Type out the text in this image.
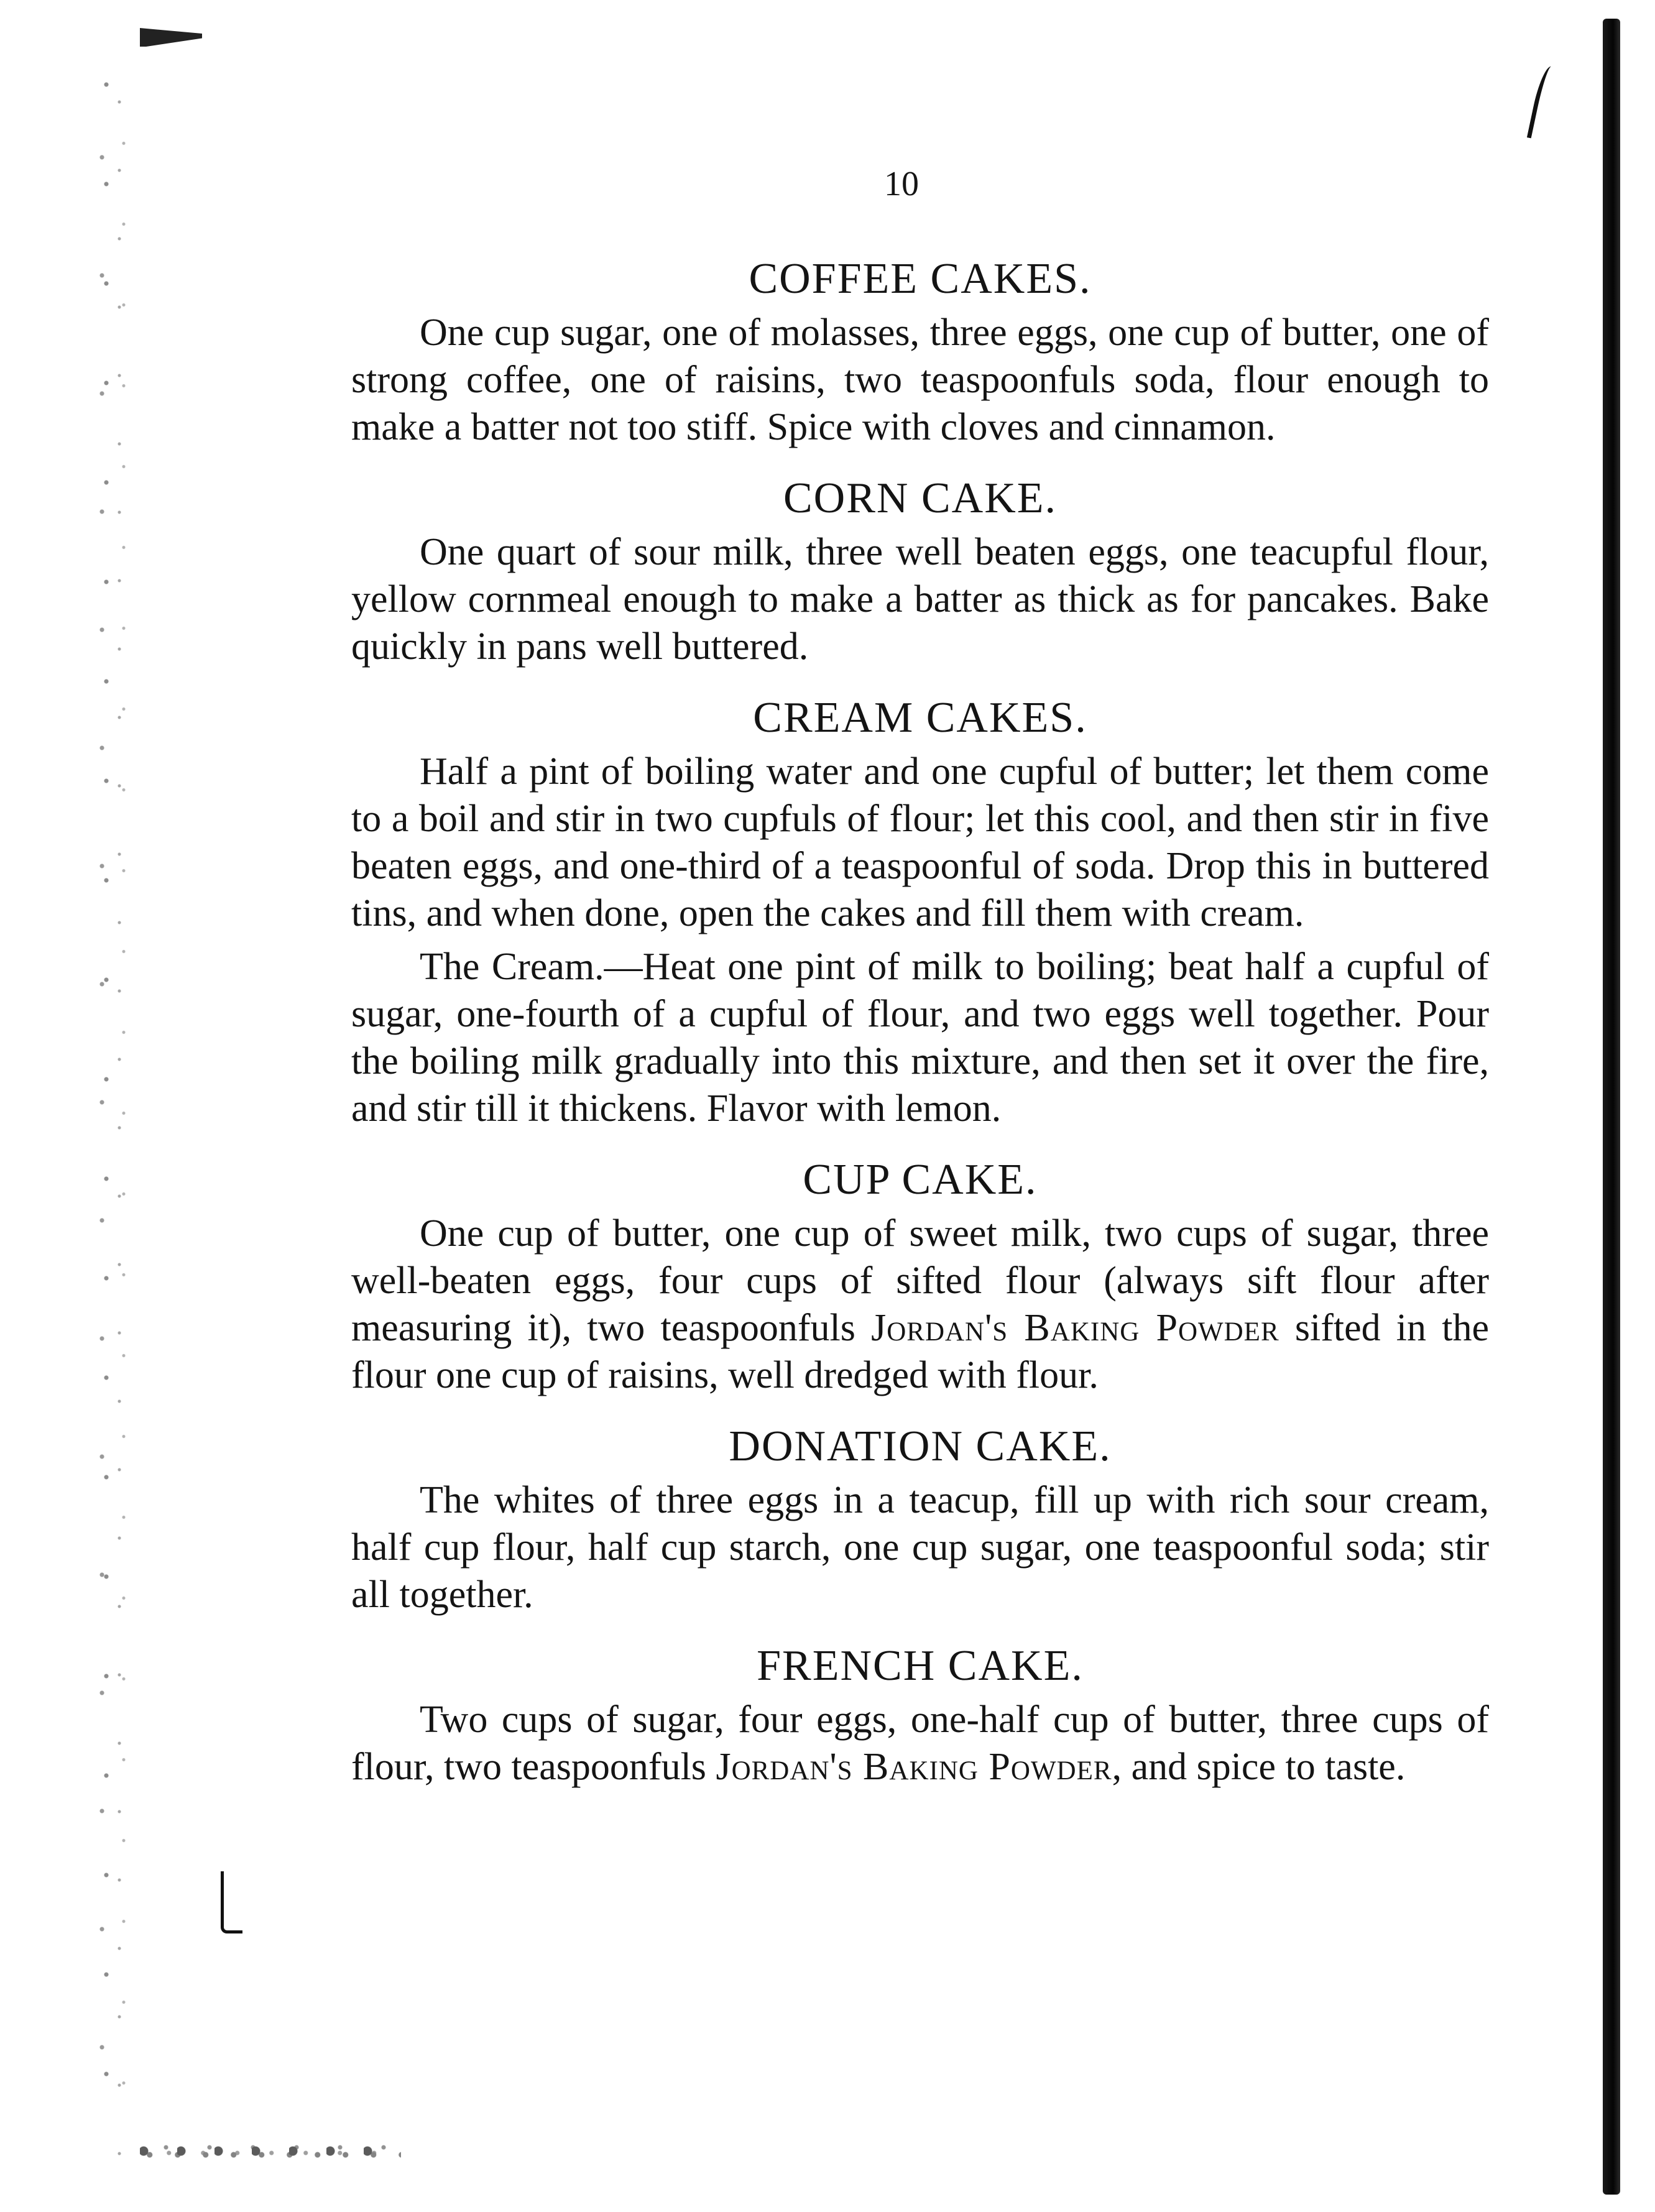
10
COFFEE CAKES.

One cup sugar, one of molasses, three eggs, one cup of butter, one of strong coffee, one of raisins, two teaspoonfuls soda, flour enough to make a batter not too stiff. Spice with cloves and cinnamon.

CORN CAKE.

One quart of sour milk, three well beaten eggs, one teacupful flour, yellow cornmeal enough to make a batter as thick as for pancakes. Bake quickly in pans well buttered.

CREAM CAKES.

Half a pint of boiling water and one cupful of butter; let them come to a boil and stir in two cupfuls of flour; let this cool, and then stir in five beaten eggs, and one-third of a teaspoonful of soda. Drop this in buttered tins, and when done, open the cakes and fill them with cream.

The Cream.—Heat one pint of milk to boiling; beat half a cupful of sugar, one-fourth of a cupful of flour, and two eggs well together. Pour the boiling milk gradually into this mixture, and then set it over the fire, and stir till it thickens. Flavor with lemon.

CUP CAKE.

One cup of butter, one cup of sweet milk, two cups of sugar, three well-beaten eggs, four cups of sifted flour (always sift flour after measuring it), two teaspoonfuls Jordan's Baking Powder sifted in the flour one cup of raisins, well dredged with flour.

DONATION CAKE.

The whites of three eggs in a teacup, fill up with rich sour cream, half cup flour, half cup starch, one cup sugar, one teaspoonful soda; stir all together.

FRENCH CAKE.

Two cups of sugar, four eggs, one-half cup of butter, three cups of flour, two teaspoonfuls Jordan's Baking Powder, and spice to taste.
